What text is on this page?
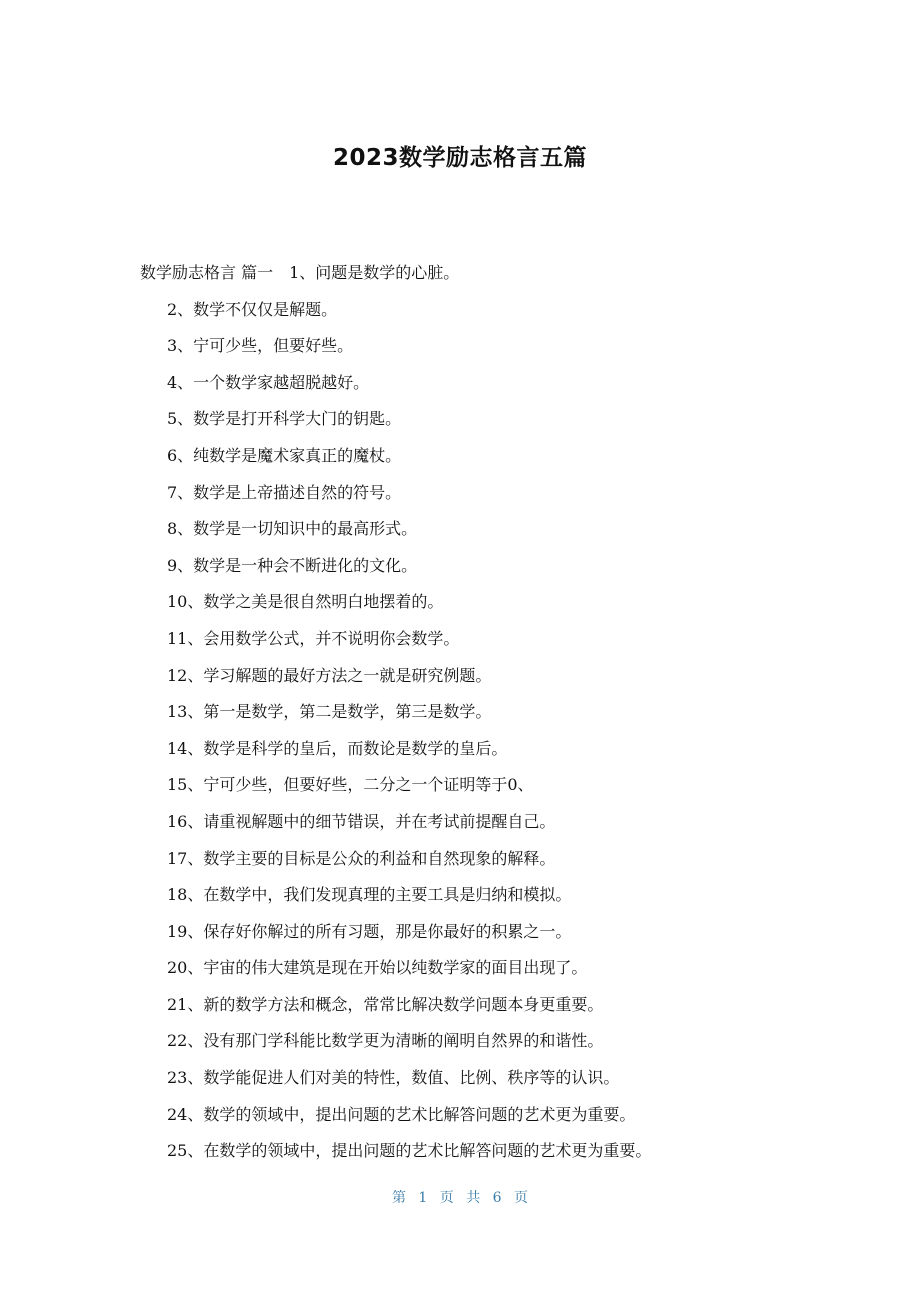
2023数学励志格言五篇
数学励志格言 篇一 1、问题是数学的心脏。
2、数学不仅仅是解题。
3、宁可少些，但要好些。
4、一个数学家越超脱越好。
5、数学是打开科学大门的钥匙。
6、纯数学是魔术家真正的魔杖。
7、数学是上帝描述自然的符号。
8、数学是一切知识中的最高形式。
9、数学是一种会不断进化的文化。
10、数学之美是很自然明白地摆着的。
11、会用数学公式，并不说明你会数学。
12、学习解题的最好方法之一就是研究例题。
13、第一是数学，第二是数学，第三是数学。
14、数学是科学的皇后，而数论是数学的皇后。
15、宁可少些，但要好些，二分之一个证明等于0、
16、请重视解题中的细节错误，并在考试前提醒自己。
17、数学主要的目标是公众的利益和自然现象的解释。
18、在数学中，我们发现真理的主要工具是归纳和模拟。
19、保存好你解过的所有习题，那是你最好的积累之一。
20、宇宙的伟大建筑是现在开始以纯数学家的面目出现了。
21、新的数学方法和概念，常常比解决数学问题本身更重要。
22、没有那门学科能比数学更为清晰的阐明自然界的和谐性。
23、数学能促进人们对美的特性，数值、比例、秩序等的认识。
24、数学的领域中，提出问题的艺术比解答问题的艺术更为重要。
25、在数学的领域中，提出问题的艺术比解答问题的艺术更为重要。
第 1 页 共 6 页
